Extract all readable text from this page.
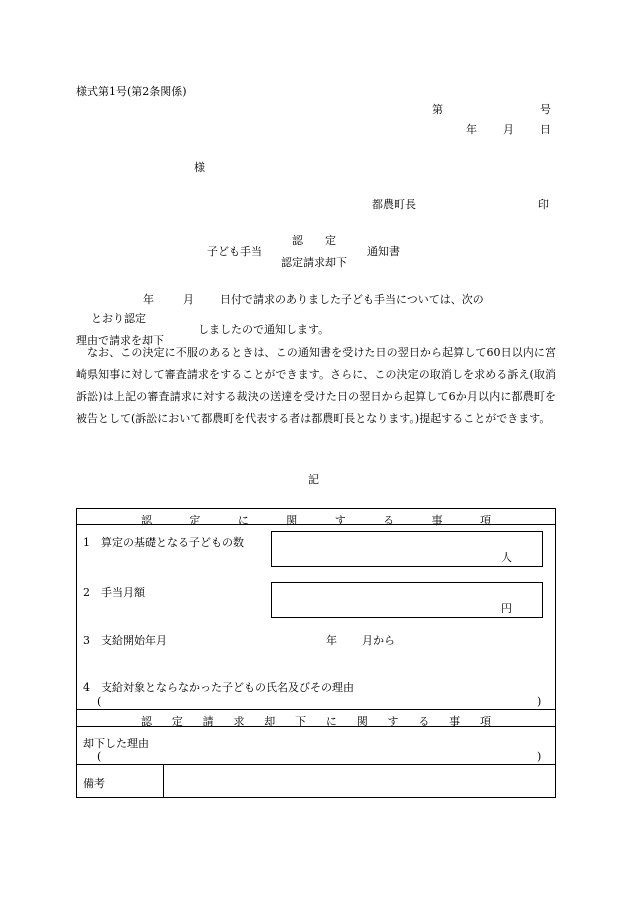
様式第1号(第2条関係)
第	号
年 月 日
様
都農町長	印
子ども手当
認　　定
認定請求却下
通知書
年	月 日付で請求のありました子ども手当については、次の
とおり認定
しましたので通知します。
理由で請求を却下
なお、この決定に不服のあるときは、この通知書を受けた日の翌日から起算して60日以内に宮崎県知事に対して審査請求をすることができます。さらに、この決定の取消しを求める訴え(取消訴訟)は上記の審査請求に対する裁決の送達を受けた日の翌日から起算して6か月以内に都農町を被告として(訴訟において都農町を代表する者は都農町長となります。)提起することができます。
記
認	定	に	関	す	る	事	項
1　算定の基礎となる子どもの数
人
2　手当月額
円
3　支給開始年月	年 月から
4　支給対象とならなかった子どもの氏名及びその理由
(	)
認 定 請 求 却 下 に 関 す る 事 項
却下した理由
(	)
備考
